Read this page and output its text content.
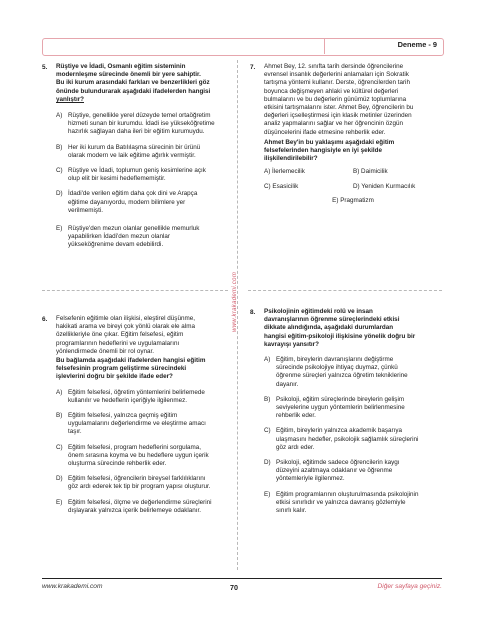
Deneme - 9
www.krakademi.com
5. Rüştiye ve İdadi, Osmanlı eğitim sisteminin
modernleşme sürecinde önemli bir yere sahiptir.
Bu iki kurum arasındaki farkları ve benzerlikleri göz
önünde bulundurarak aşağıdaki ifadelerden hangisi
yanlıştır?
A) Rüştiye, genellikle yerel düzeyde temel ortaöğretim
hizmeti sunan bir kurumdu. İdadi ise yükseköğretime
hazırlık sağlayan daha ileri bir eğitim kurumuydu.
B) Her iki kurum da Batılılaşma sürecinin bir ürünü
olarak modern ve laik eğitime ağırlık vermiştir.
C) Rüştiye ve İdadi, toplumun geniş kesimlerine açık
olup elit bir kesimi hedeflememiştir.
D) İdadi'de verilen eğitim daha çok dini ve Arapça
eğitime dayanıyordu, modern bilimlere yer
verilmemişti.
E) Rüştiye'den mezun olanlar genellikle memurluk
yapabilirken İdadi'den mezun olanlar
yükseköğrenime devam edebilirdi.
7. Ahmet Bey, 12. sınıfta tarih dersinde öğrencilerine
evrensel insanlık değerlerini anlamaları için Sokratik
tartışma yöntemi kullanır. Derste, öğrencilerden tarih
boyunca değişmeyen ahlaki ve kültürel değerleri
bulmalarını ve bu değerlerin günümüz toplumlarına
etkisini tartışmalarını ister. Ahmet Bey, öğrencilerin bu
değerleri içselleştirmesi için klasik metinler üzerinden
analiz yapmalarını sağlar ve her öğrencinin özgün
düşüncelerini ifade etmesine rehberlik eder.
Ahmet Bey'in bu yaklaşımı aşağıdaki eğitim
felsefelerinden hangisiyle en iyi şekilde
ilişkilendirilebilir?
A) İlerlemecilik	B) Daimicilik
C) Esasicilik	D) Yeniden Kurmacılık
E) Pragmatizm
6. Felsefenin eğitimle olan ilişkisi, eleştirel düşünme,
hakikati arama ve bireyi çok yönlü olarak ele alma
özellikleriyle öne çıkar. Eğitim felsefesi, eğitim
programlarının hedeflerini ve uygulamalarını
yönlendirmede önemli bir rol oynar.
Bu bağlamda aşağıdaki ifadelerden hangisi eğitim
felsefesinin program geliştirme sürecindeki
işlevlerini doğru bir şekilde ifade eder?
A) Eğitim felsefesi, öğretim yöntemlerini belirlemede
kullanılır ve hedeflerin içeriğiyle ilgilenmez.
B) Eğitim felsefesi, yalnızca geçmiş eğitim
uygulamalarını değerlendirme ve eleştirme amacı
taşır.
C) Eğitim felsefesi, program hedeflerini sorgulama,
önem sırasına koyma ve bu hedeflere uygun içerik
oluşturma sürecinde rehberlik eder.
D) Eğitim felsefesi, öğrencilerin bireysel farklılıklarını
göz ardı ederek tek tip bir program yapısı oluşturur.
E) Eğitim felsefesi, ölçme ve değerlendirme süreçlerini
dışlayarak yalnızca içerik belirlemeye odaklanır.
8. Psikolojinin eğitimdeki rolü ve insan
davranışlarının öğrenme süreçlerindeki etkisi
dikkate alındığında, aşağıdaki durumlardan
hangisi eğitim-psikoloji ilişkisine yönelik doğru bir
kavrayışı yansıtır?
A) Eğitim, bireylerin davranışlarını değiştirme
sürecinde psikolojiye ihtiyaç duymaz, çünkü
öğrenme süreçleri yalnızca öğretim tekniklerine
dayanır.
B) Psikoloji, eğitim süreçlerinde bireylerin gelişim
seviyelerine uygun yöntemlerin belirlenmesine
rehberlik eder.
C) Eğitim, bireylerin yalnızca akademik başarıya
ulaşmasını hedefler, psikolojik sağlamlık süreçlerini
göz ardı eder.
D) Psikoloji, eğitimde sadece öğrencilerin kaygı
düzeyini azaltmaya odaklanır ve öğrenme
yöntemleriyle ilgilenmez.
E) Eğitim programlarının oluşturulmasında psikolojinin
etkisi sınırlıdır ve yalnızca davranış gözlemiyle
sınırlı kalır.
www.krakademi.com	70	Diğer sayfaya geçiniz.
